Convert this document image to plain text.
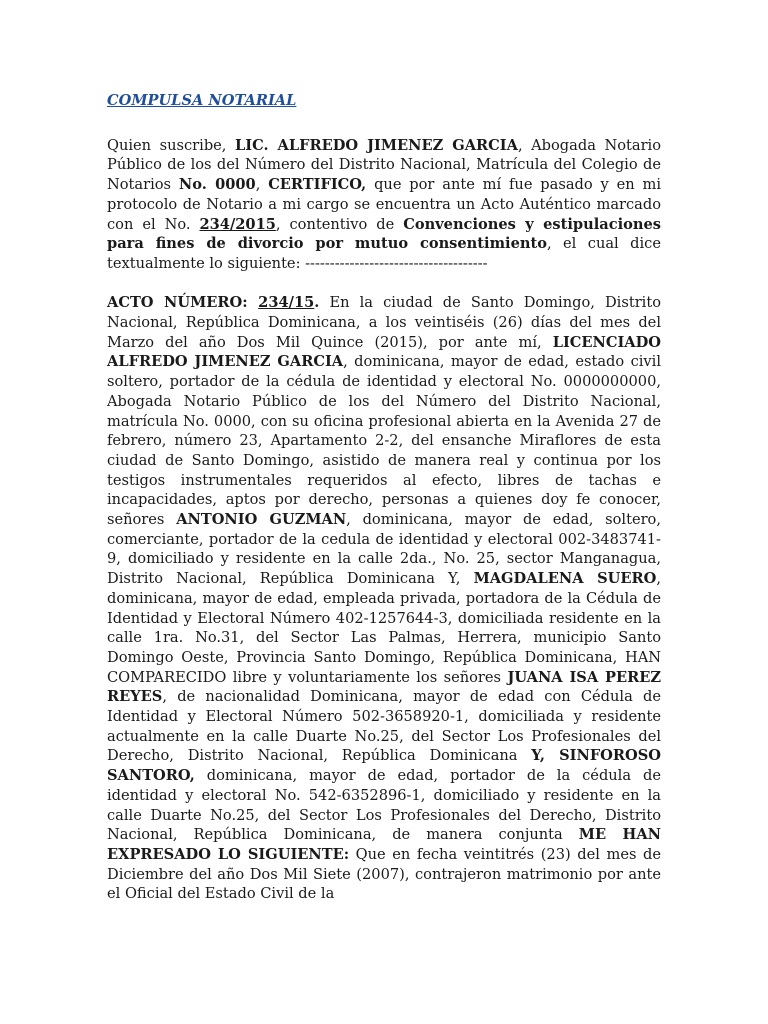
COMPULSA NOTARIAL

Quien suscribe, LIC. ALFREDO JIMENEZ GARCIA, Abogada Notario Público de los del Número del Distrito Nacional, Matrícula del Colegio de Notarios No. 0000, CERTIFICO, que por ante mí fue pasado y en mi protocolo de Notario a mi cargo se encuentra un Acto Auténtico marcado con el No. 234/2015, contentivo de Convenciones y estipulaciones para fines de divorcio por mutuo consentimiento, el cual dice textualmente lo siguiente: -------------------------------------

ACTO NÚMERO: 234/15. En la ciudad de Santo Domingo, Distrito Nacional, República Dominicana, a los veintiséis (26) días del mes del Marzo del año Dos Mil Quince (2015), por ante mí, LICENCIADO ALFREDO JIMENEZ GARCIA, dominicana, mayor de edad, estado civil soltero, portador de la cédula de identidad y electoral No. 0000000000, Abogada Notario Público de los del Número del Distrito Nacional, matrícula No. 0000, con su oficina profesional abierta en la Avenida 27 de febrero, número 23, Apartamento 2-2, del ensanche Miraflores de esta ciudad de Santo Domingo, asistido de manera real y continua por los testigos instrumentales requeridos al efecto, libres de tachas e incapacidades, aptos por derecho, personas a quienes doy fe conocer, señores ANTONIO GUZMAN, dominicana, mayor de edad, soltero, comerciante, portador de la cedula de identidad y electoral 002-3483741-9, domiciliado y residente en la calle 2da., No. 25, sector Manganagua, Distrito Nacional, República Dominicana Y, MAGDALENA SUERO, dominicana, mayor de edad, empleada privada, portadora de la Cédula de Identidad y Electoral Número 402-1257644-3, domiciliada residente en la calle 1ra. No.31, del Sector Las Palmas, Herrera, municipio Santo Domingo Oeste, Provincia Santo Domingo, República Dominicana, HAN COMPARECIDO libre y voluntariamente los señores JUANA ISA PEREZ REYES, de nacionalidad Dominicana, mayor de edad con Cédula de Identidad y Electoral Número 502-3658920-1, domiciliada y residente actualmente en la calle Duarte No.25, del Sector Los Profesionales del Derecho, Distrito Nacional, República Dominicana Y, SINFOROSO SANTORO, dominicana, mayor de edad, portador de la cédula de identidad y electoral No. 542-6352896-1, domiciliado y residente en la calle Duarte No.25, del Sector Los Profesionales del Derecho, Distrito Nacional, República Dominicana, de manera conjunta ME HAN EXPRESADO LO SIGUIENTE: Que en fecha veintitrés (23) del mes de Diciembre del año Dos Mil Siete (2007), contrajeron matrimonio por ante el Oficial del Estado Civil de la
